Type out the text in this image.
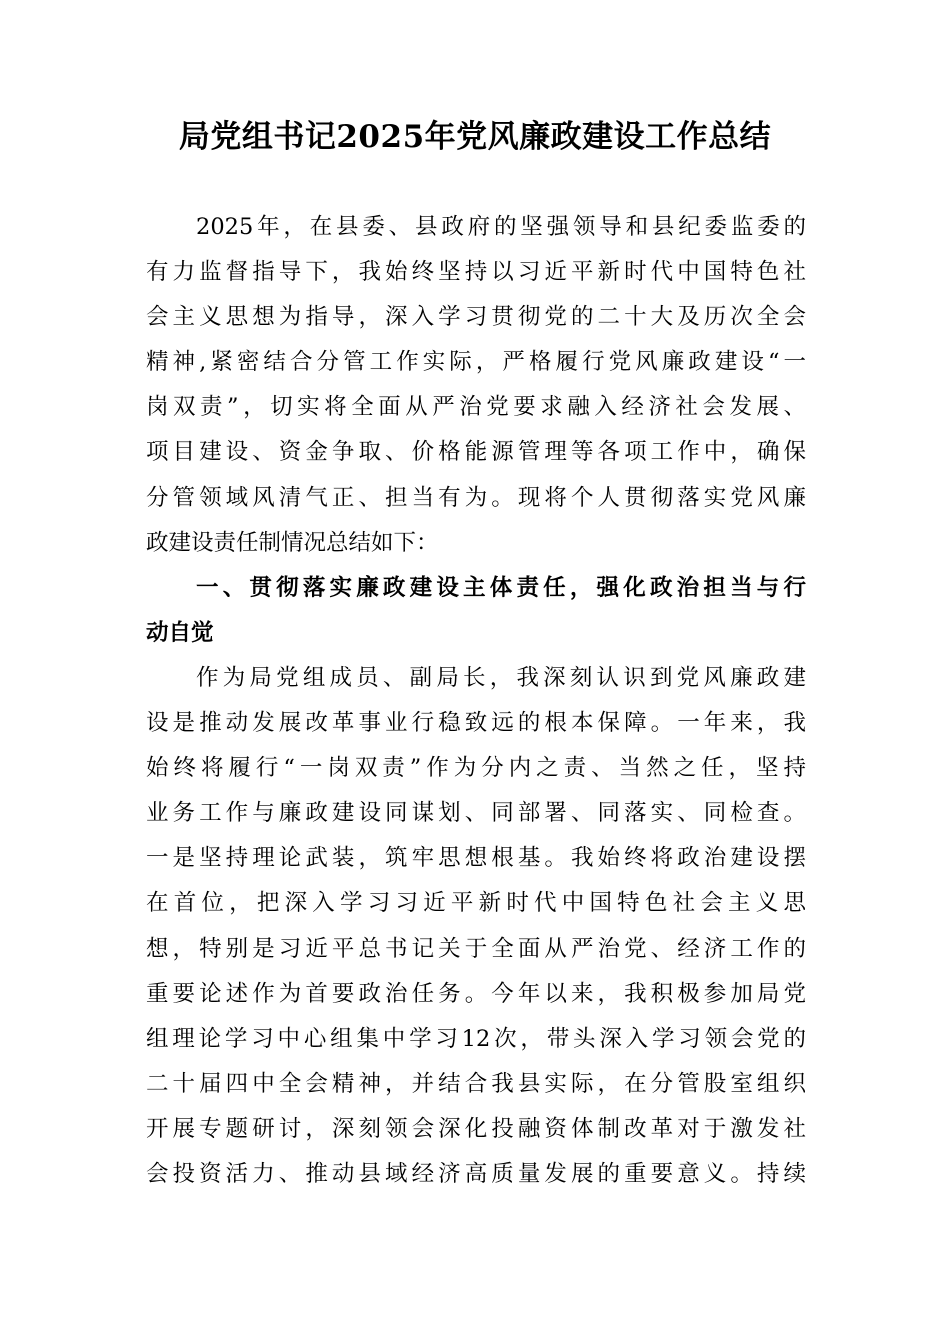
局党组书记2025年党风廉政建设工作总结
2025年，在县委、县政府的坚强领导和县纪委监委的
有力监督指导下，我始终坚持以习近平新时代中国特色社
会主义思想为指导，深入学习贯彻党的二十大及历次全会
精神,紧密结合分管工作实际，严格履行党风廉政建设“一
岗双责”，切实将全面从严治党要求融入经济社会发展、
项目建设、资金争取、价格能源管理等各项工作中，确保
分管领域风清气正、担当有为。现将个人贯彻落实党风廉
政建设责任制情况总结如下：
一、贯彻落实廉政建设主体责任，强化政治担当与行
动自觉
作为局党组成员、副局长，我深刻认识到党风廉政建
设是推动发展改革事业行稳致远的根本保障。一年来，我
始终将履行“一岗双责”作为分内之责、当然之任，坚持
业务工作与廉政建设同谋划、同部署、同落实、同检查。
一是坚持理论武装，筑牢思想根基。我始终将政治建设摆
在首位，把深入学习习近平新时代中国特色社会主义思
想，特别是习近平总书记关于全面从严治党、经济工作的
重要论述作为首要政治任务。今年以来，我积极参加局党
组理论学习中心组集中学习12次，带头深入学习领会党的
二十届四中全会精神，并结合我县实际，在分管股室组织
开展专题研讨，深刻领会深化投融资体制改革对于激发社
会投资活力、推动县域经济高质量发展的重要意义。持续
